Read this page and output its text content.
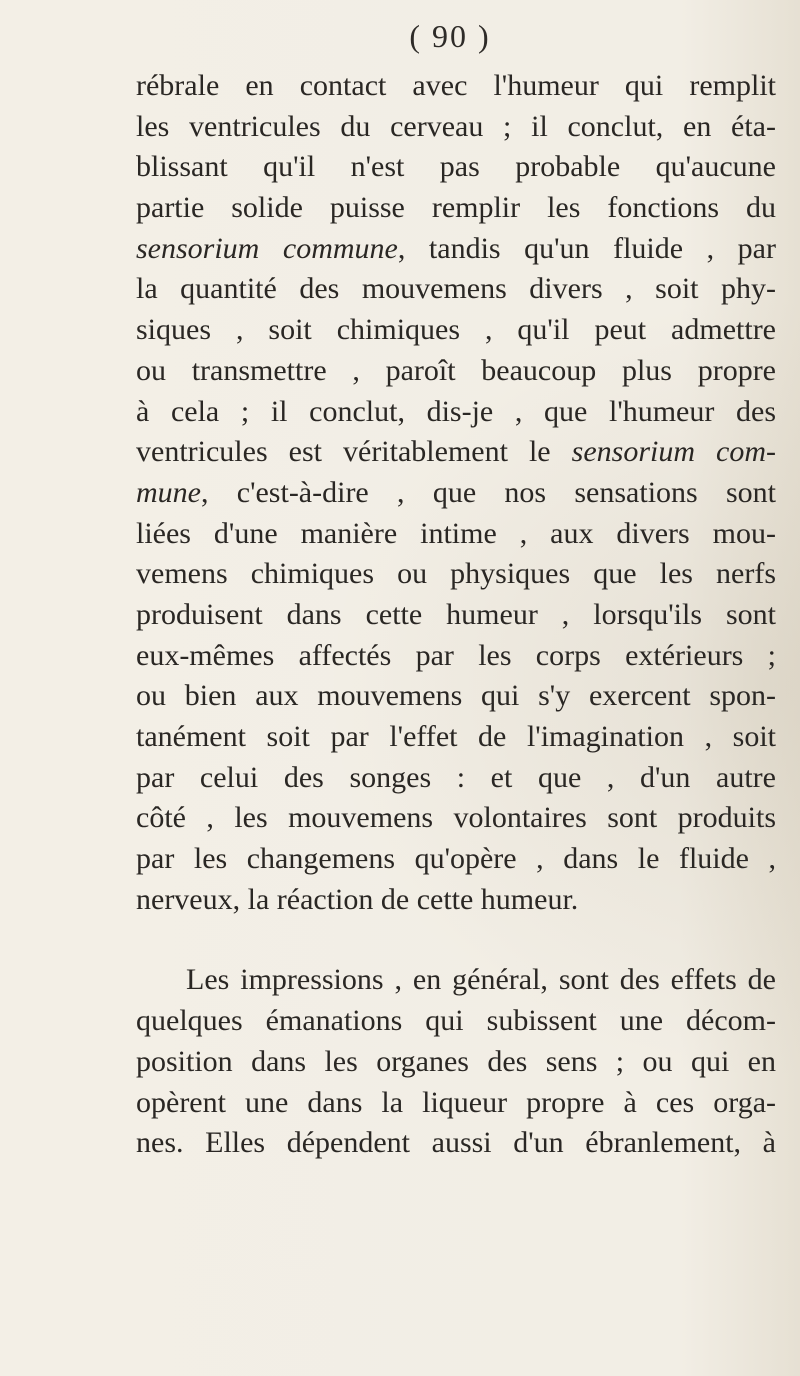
( 90 )
rébrale en contact avec l'humeur qui remplit
les ventricules du cerveau ; il conclut, en éta-
blissant qu'il n'est pas probable qu'aucune
partie solide puisse remplir les fonctions du
sensorium commune, tandis qu'un fluide , par
la quantité des mouvemens divers , soit phy-
siques , soit chimiques , qu'il peut admettre
ou transmettre , paroît beaucoup plus propre
à cela ; il conclut, dis-je , que l'humeur des
ventricules est véritablement le sensorium com-
mune, c'est-à-dire , que nos sensations sont
liées d'une manière intime , aux divers mou-
vemens chimiques ou physiques que les nerfs
produisent dans cette humeur , lorsqu'ils sont
eux-mêmes affectés par les corps extérieurs ;
ou bien aux mouvemens qui s'y exercent spon-
tanément soit par l'effet de l'imagination , soit
par celui des songes : et que , d'un autre
côté , les mouvemens volontaires sont produits
par les changemens qu'opère , dans le fluide ,
nerveux, la réaction de cette humeur.
Les impressions , en général, sont des effets de
quelques émanations qui subissent une décom-
position dans les organes des sens ; ou qui en
opèrent une dans la liqueur propre à ces orga-
nes. Elles dépendent aussi d'un ébranlement, à
